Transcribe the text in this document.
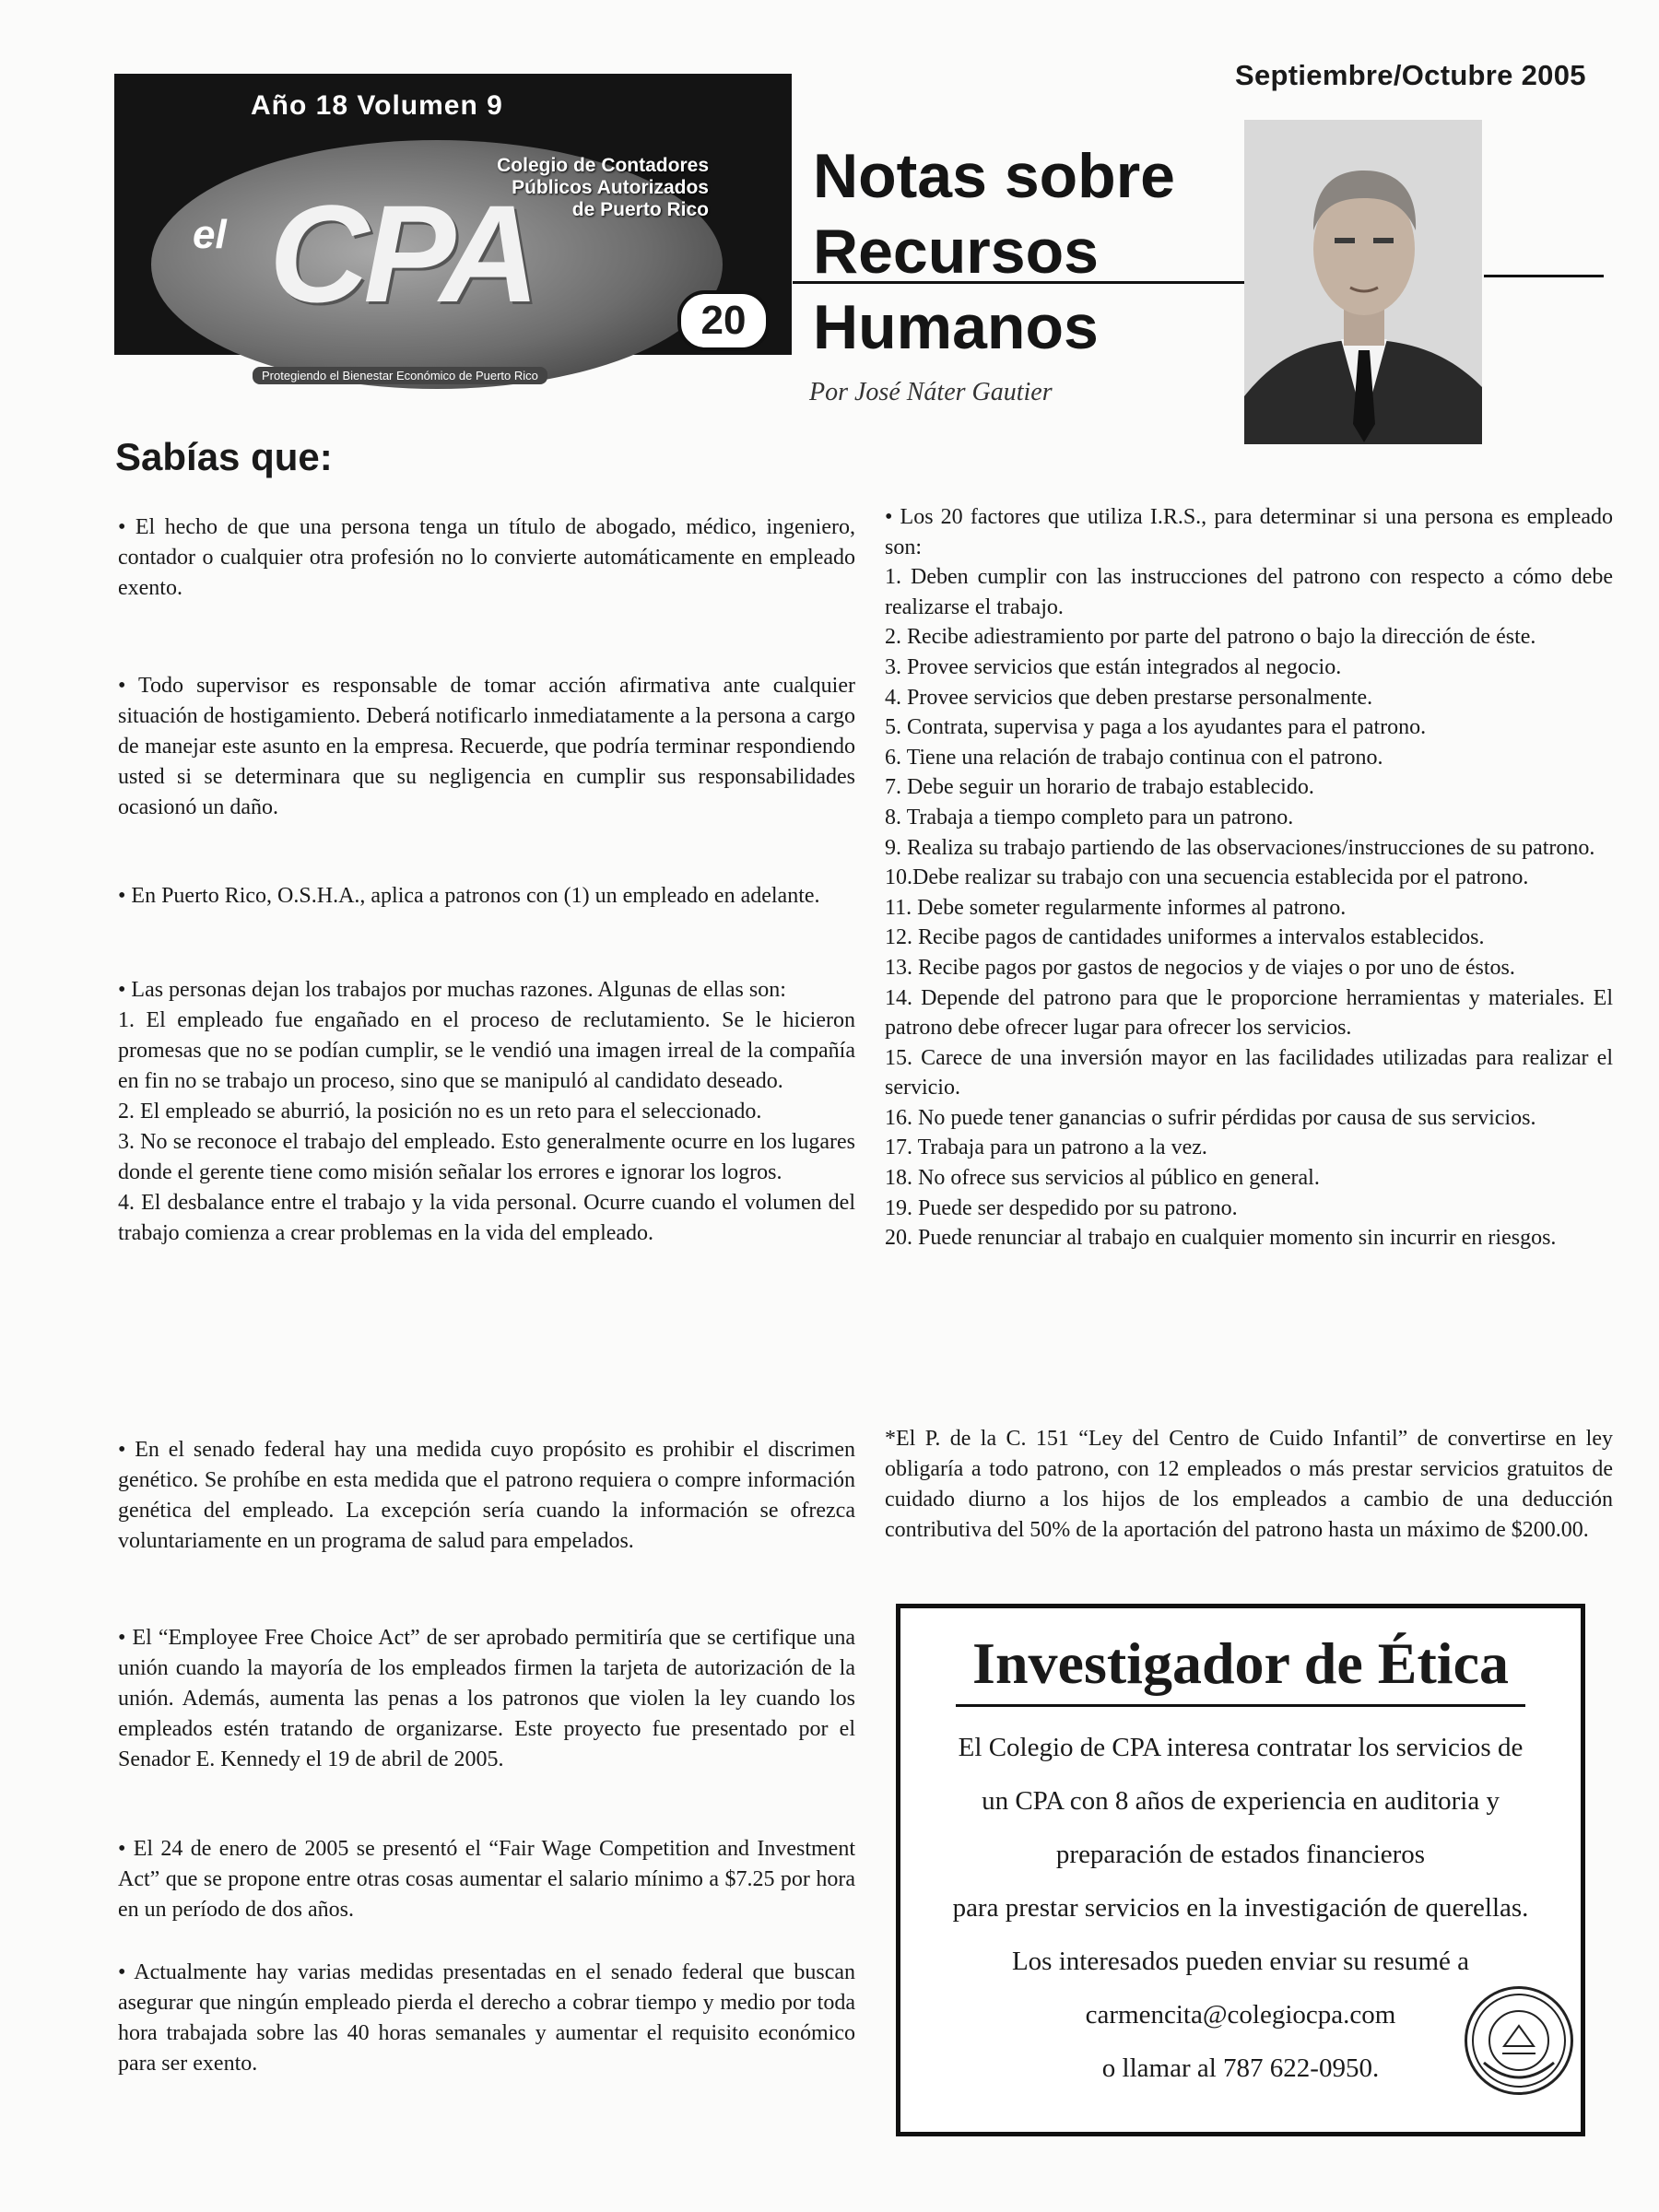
Septiembre/Octubre 2005
Año 18 Volumen 9
Colegio de Contadores
Públicos Autorizados
de Puerto Rico
el CPA
Protegiendo el Bienestar Económico de Puerto Rico
20
Notas sobre
Recursos
Humanos
Por José Náter Gautier
Sabías que:

• El hecho de que una persona tenga un título de abogado, médico, ingeniero, contador o cualquier otra profesión no lo convierte automáticamente en empleado exento.

• Todo supervisor es responsable de tomar acción afirmativa ante cualquier situación de hostigamiento. Deberá notificarlo inmediatamente a la persona a cargo de manejar este asunto en la empresa. Recuerde, que podría terminar respondiendo usted si se determinara que su negligencia en cumplir sus responsabilidades ocasionó un daño.

• En Puerto Rico, O.S.H.A., aplica a patronos con (1) un empleado en adelante.

• Las personas dejan los trabajos por muchas razones. Algunas de ellas son:
1. El empleado fue engañado en el proceso de reclutamiento. Se le hicieron promesas que no se podían cumplir, se le vendió una imagen irreal de la compañía en fin no se trabajo un proceso, sino que se manipuló al candidato deseado.
2. El empleado se aburrió, la posición no es un reto para el seleccionado.
3. No se reconoce el trabajo del empleado. Esto generalmente ocurre en los lugares donde el gerente tiene como misión señalar los errores e ignorar los logros.
4. El desbalance entre el trabajo y la vida personal. Ocurre cuando el volumen del trabajo comienza a crear problemas en la vida del empleado.

• En el senado federal hay una medida cuyo propósito es prohibir el discrimen genético. Se prohíbe en esta medida que el patrono requiera o compre información genética del empleado. La excepción sería cuando la información se ofrezca voluntariamente en un programa de salud para empelados.

• El “Employee Free Choice Act” de ser aprobado permitiría que se certifique una unión cuando la mayoría de los empleados firmen la tarjeta de autorización de la unión. Además, aumenta las penas a los patronos que violen la ley cuando los empleados estén tratando de organizarse. Este proyecto fue presentado por el Senador E. Kennedy el 19 de abril de 2005.

• El 24 de enero de 2005 se presentó el “Fair Wage Competition and Investment Act” que se propone entre otras cosas aumentar el salario mínimo a $7.25 por hora en un período de dos años.

• Actualmente hay varias medidas presentadas en el senado federal que buscan asegurar que ningún empleado pierda el derecho a cobrar tiempo y medio por toda hora trabajada sobre las 40 horas semanales y aumentar el requisito económico para ser exento.

• Los 20 factores que utiliza I.R.S., para determinar si una persona es empleado son:
1. Deben cumplir con las instrucciones del patrono con respecto a cómo debe realizarse el trabajo.
2. Recibe adiestramiento por parte del patrono o bajo la dirección de éste.
3. Provee servicios que están integrados al negocio.
4. Provee servicios que deben prestarse personalmente.
5. Contrata, supervisa y paga a los ayudantes para el patrono.
6. Tiene una relación de trabajo continua con el patrono.
7. Debe seguir un horario de trabajo establecido.
8. Trabaja a tiempo completo para un patrono.
9. Realiza su trabajo partiendo de las observaciones/instrucciones de su patrono.
10.Debe realizar su trabajo con una secuencia establecida por el patrono.
11. Debe someter regularmente informes al patrono.
12. Recibe pagos de cantidades uniformes a intervalos establecidos.
13. Recibe pagos por gastos de negocios y de viajes o por uno de éstos.
14. Depende del patrono para que le proporcione herramientas y materiales. El patrono debe ofrecer lugar para ofrecer los servicios.
15. Carece de una inversión mayor en las facilidades utilizadas para realizar el servicio.
16. No puede tener ganancias o sufrir pérdidas por causa de sus servicios.
17. Trabaja para un patrono a la vez.
18. No ofrece sus servicios al público en general.
19. Puede ser despedido por su patrono.
20. Puede renunciar al trabajo en cualquier momento sin incurrir en riesgos.

*El P. de la C. 151 “Ley del Centro de Cuido Infantil” de convertirse en ley obligaría a todo patrono, con 12 empleados o más prestar servicios gratuitos de cuidado diurno a los hijos de los empleados a cambio de una deducción contributiva del 50% de la aportación del patrono hasta un máximo de $200.00.

Investigador de Ética
El Colegio de CPA interesa contratar los servicios de
un CPA con 8 años de experiencia en auditoria y
preparación de estados financieros
para prestar servicios en la investigación de querellas.
Los interesados pueden enviar su resumé a
carmencita@colegiocpa.com
o llamar al 787 622-0950.
